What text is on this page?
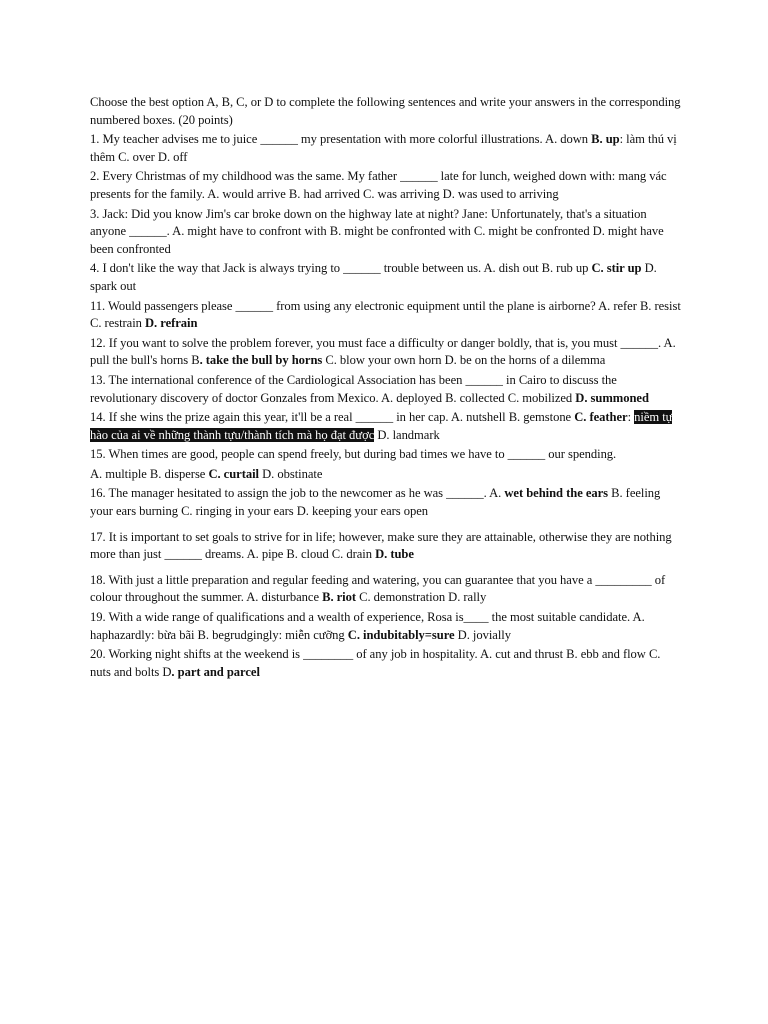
Choose the best option A, B, C, or D to complete the following sentences and write your answers in the corresponding numbered boxes. (20 points)

1. My teacher advises me to juice ______ my presentation with more colorful illustrations. A. down B. up: làm thú vị thêm C. over D. off

2. Every Christmas of my childhood was the same. My father ______ late for lunch, weighed down with: mang vác presents for the family. A. would arrive B. had arrived C. was arriving D. was used to arriving

3. Jack: Did you know Jim's car broke down on the highway late at night? Jane: Unfortunately, that's a situation anyone ______. A. might have to confront with B. might be confronted with C. might be confronted D. might have been confronted

4. I don't like the way that Jack is always trying to ______ trouble between us. A. dish out B. rub up C. stir up D. spark out

11. Would passengers please ______ from using any electronic equipment until the plane is airborne? A. refer B. resist C. restrain D. refrain

12. If you want to solve the problem forever, you must face a difficulty or danger boldly, that is, you must ______. A. pull the bull's horns B. take the bull by horns C. blow your own horn D. be on the horns of a dilemma

13. The international conference of the Cardiological Association has been ______ in Cairo to discuss the revolutionary discovery of doctor Gonzales from Mexico. A. deployed B. collected C. mobilized D. summoned

14. If she wins the prize again this year, it'll be a real ______ in her cap. A. nutshell B. gemstone C. feather: niềm tự hào của ai về những thành tựu/thành tích mà họ đạt được D. landmark

15. When times are good, people can spend freely, but during bad times we have to ______ our spending.

A. multiple B. disperse C. curtail D. obstinate

16. The manager hesitated to assign the job to the newcomer as he was ______. A. wet behind the ears B. feeling your ears burning C. ringing in your ears D. keeping your ears open

17. It is important to set goals to strive for in life; however, make sure they are attainable, otherwise they are nothing more than just ______ dreams. A. pipe B. cloud C. drain D. tube

18. With just a little preparation and regular feeding and watering, you can guarantee that you have a _________ of colour throughout the summer. A. disturbance B. riot C. demonstration D. rally

19. With a wide range of qualifications and a wealth of experience, Rosa is____ the most suitable candidate. A. haphazardly: bừa bãi B. begrudgingly: miễn cưỡng C. indubitably=sure D. jovially

20. Working night shifts at the weekend is ________ of any job in hospitality. A. cut and thrust B. ebb and flow C. nuts and bolts D. part and parcel
